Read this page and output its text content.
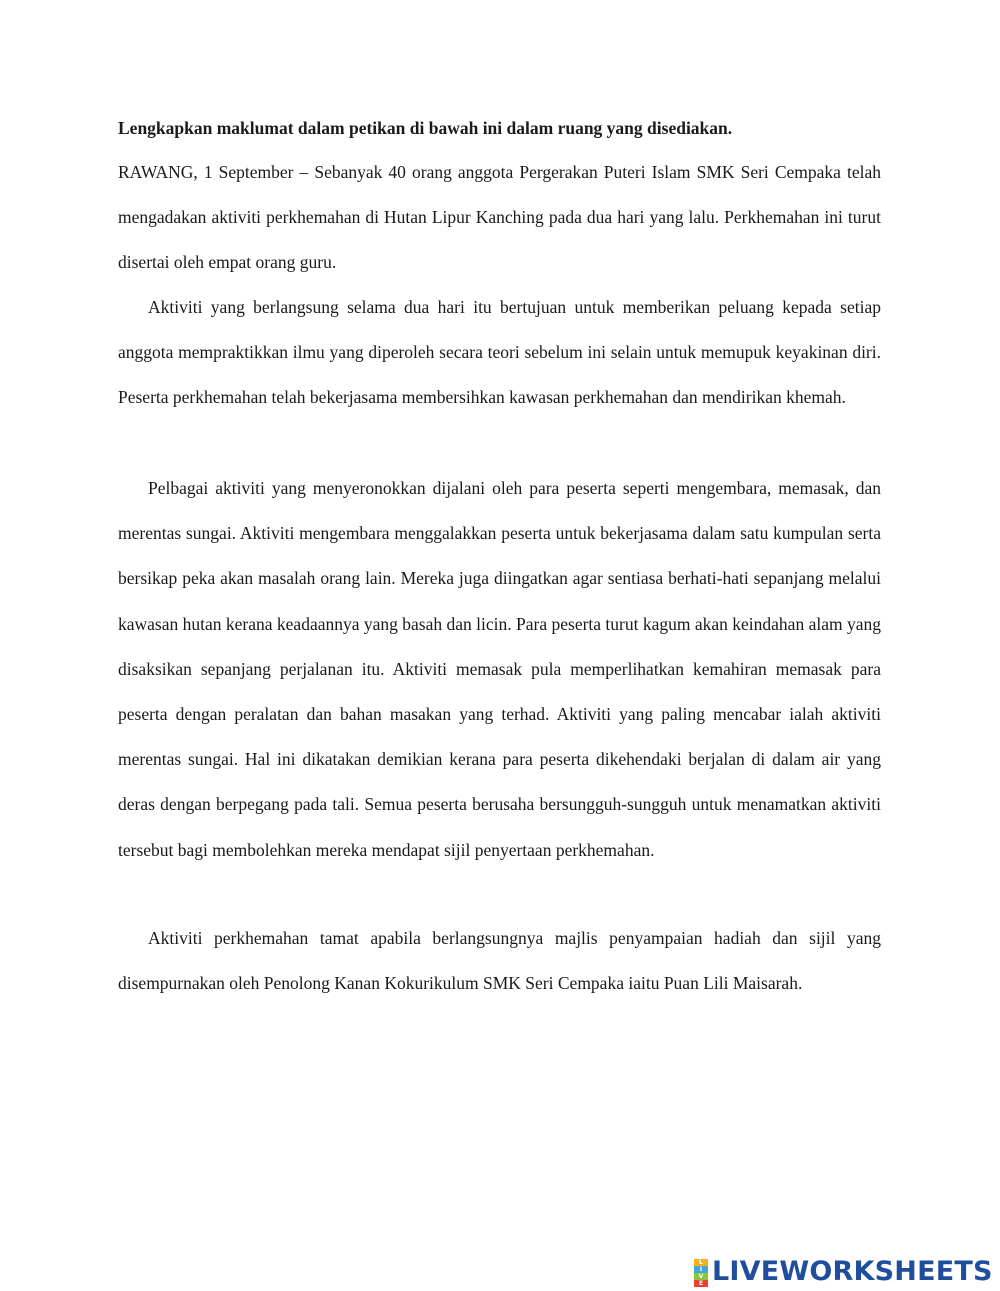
Lengkapkan maklumat dalam petikan di bawah ini dalam ruang yang disediakan.

RAWANG, 1 September – Sebanyak 40 orang anggota Pergerakan Puteri Islam SMK Seri Cempaka telah mengadakan aktiviti perkhemahan di Hutan Lipur Kanching pada dua hari yang lalu. Perkhemahan ini turut disertai oleh empat orang guru.

Aktiviti yang berlangsung selama dua hari itu bertujuan untuk memberikan peluang kepada setiap anggota mempraktikkan ilmu yang diperoleh secara teori sebelum ini selain untuk memupuk keyakinan diri. Peserta perkhemahan telah bekerjasama membersihkan kawasan perkhemahan dan mendirikan khemah.

Pelbagai aktiviti yang menyeronokkan dijalani oleh para peserta seperti mengembara, memasak, dan merentas sungai. Aktiviti mengembara menggalakkan peserta untuk bekerjasama dalam satu kumpulan serta bersikap peka akan masalah orang lain. Mereka juga diingatkan agar sentiasa berhati-hati sepanjang melalui kawasan hutan kerana keadaannya yang basah dan licin. Para peserta turut kagum akan keindahan alam yang disaksikan sepanjang perjalanan itu. Aktiviti memasak pula memperlihatkan kemahiran memasak para peserta dengan peralatan dan bahan masakan yang terhad. Aktiviti yang paling mencabar ialah aktiviti merentas sungai. Hal ini dikatakan demikian kerana para peserta dikehendaki berjalan di dalam air yang deras dengan berpegang pada tali. Semua peserta berusaha bersungguh-sungguh untuk menamatkan aktiviti tersebut bagi membolehkan mereka mendapat sijil penyertaan perkhemahan.

Aktiviti perkhemahan tamat apabila berlangsungnya majlis penyampaian hadiah dan sijil yang disempurnakan oleh Penolong Kanan Kokurikulum SMK Seri Cempaka iaitu Puan Lili Maisarah.

L
I
V
E LIVEWORKSHEETS
